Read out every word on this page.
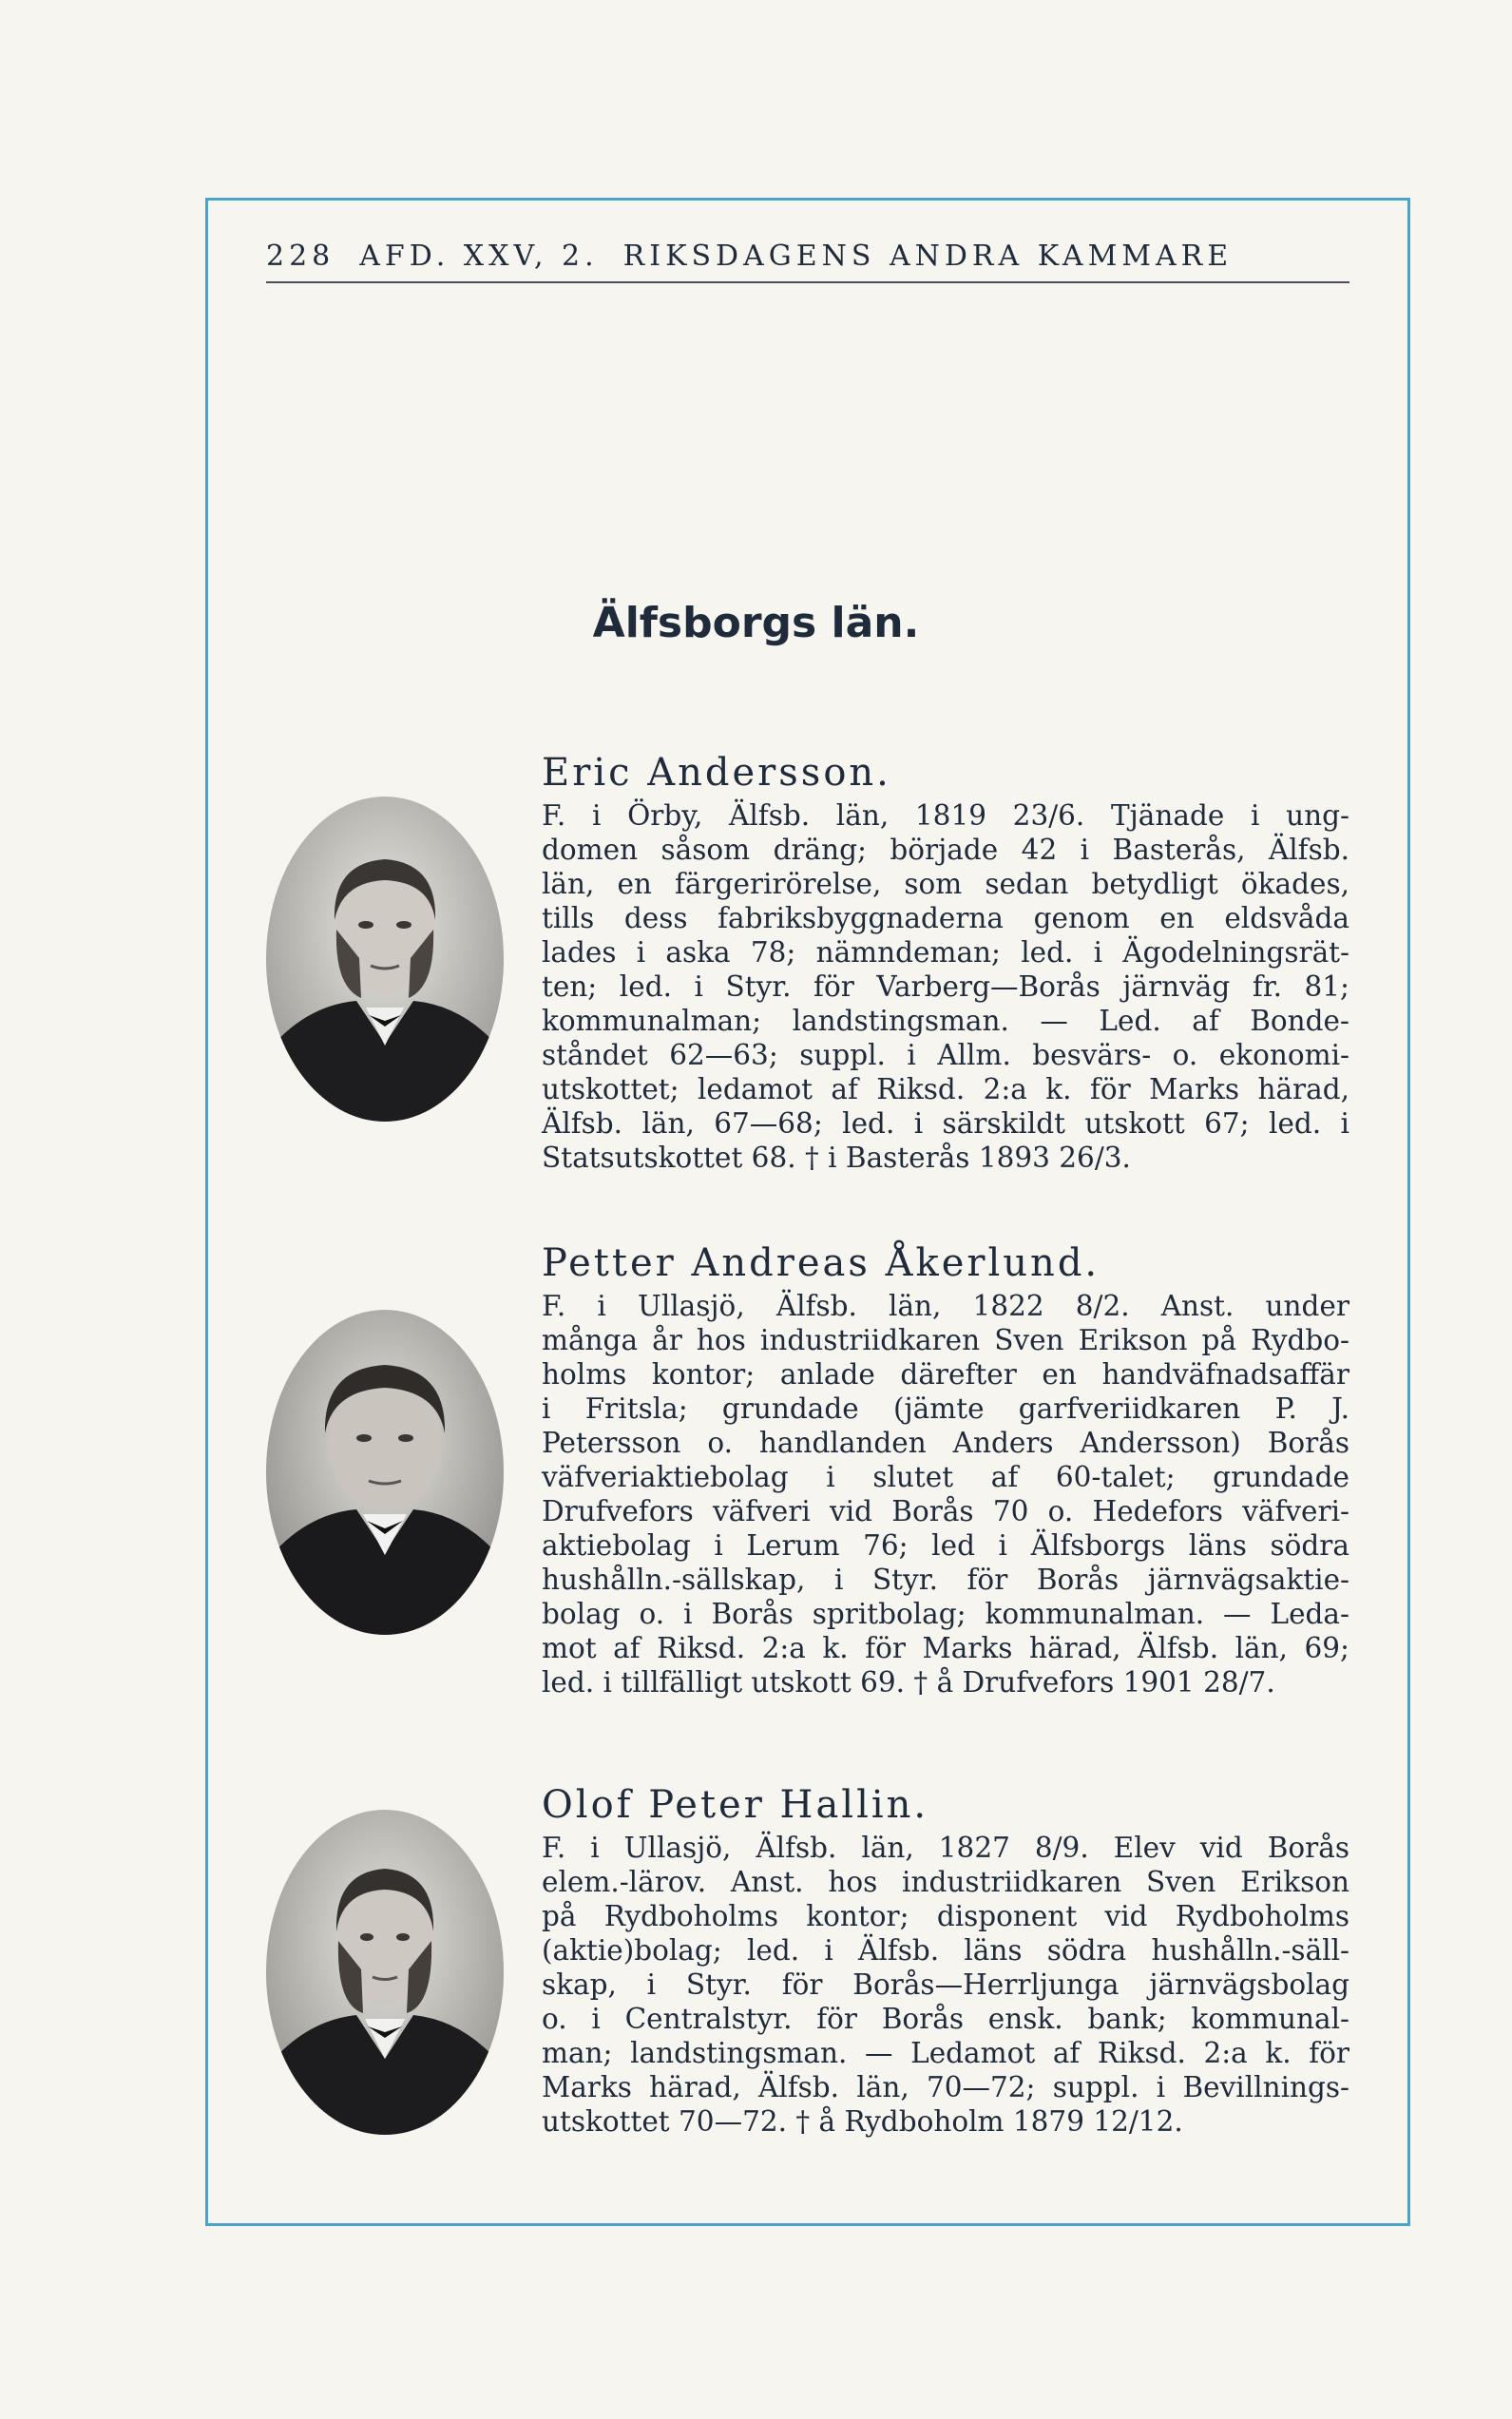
228 AFD. XXV, 2. RIKSDAGENS ANDRA KAMMARE
Älfsborgs län.
Eric Andersson.
F. i Örby, Älfsb. län, 1819 23/6. Tjänade i ung-
domen såsom dräng; började 42 i Basterås, Älfsb.
län, en färgerirörelse, som sedan betydligt ökades,
tills dess fabriksbyggnaderna genom en eldsvåda
lades i aska 78; nämndeman; led. i Ägodelningsrät-
ten; led. i Styr. för Varberg—Borås järnväg fr. 81;
kommunalman; landstingsman. — Led. af Bonde-
ståndet 62—63; suppl. i Allm. besvärs- o. ekonomi-
utskottet; ledamot af Riksd. 2:a k. för Marks härad,
Älfsb. län, 67—68; led. i särskildt utskott 67; led. i
Statsutskottet 68. † i Basterås 1893 26/3.
Petter Andreas Åkerlund.
F. i Ullasjö, Älfsb. län, 1822 8/2. Anst. under
många år hos industriidkaren Sven Erikson på Rydbo-
holms kontor; anlade därefter en handväfnadsaffär
i Fritsla; grundade (jämte garfveriidkaren P. J.
Petersson o. handlanden Anders Andersson) Borås
väfveriaktiebolag i slutet af 60-talet; grundade
Drufvefors väfveri vid Borås 70 o. Hedefors väfveri-
aktiebolag i Lerum 76; led i Älfsborgs läns södra
hushålln.-sällskap, i Styr. för Borås järnvägsaktie-
bolag o. i Borås spritbolag; kommunalman. — Leda-
mot af Riksd. 2:a k. för Marks härad, Älfsb. län, 69;
led. i tillfälligt utskott 69. † å Drufvefors 1901 28/7.
Olof Peter Hallin.
F. i Ullasjö, Älfsb. län, 1827 8/9. Elev vid Borås
elem.-lärov. Anst. hos industriidkaren Sven Erikson
på Rydboholms kontor; disponent vid Rydboholms
(aktie)bolag; led. i Älfsb. läns södra hushålln.-säll-
skap, i Styr. för Borås—Herrljunga järnvägsbolag
o. i Centralstyr. för Borås ensk. bank; kommunal-
man; landstingsman. — Ledamot af Riksd. 2:a k. för
Marks härad, Älfsb. län, 70—72; suppl. i Bevillnings-
utskottet 70—72. † å Rydboholm 1879 12/12.
